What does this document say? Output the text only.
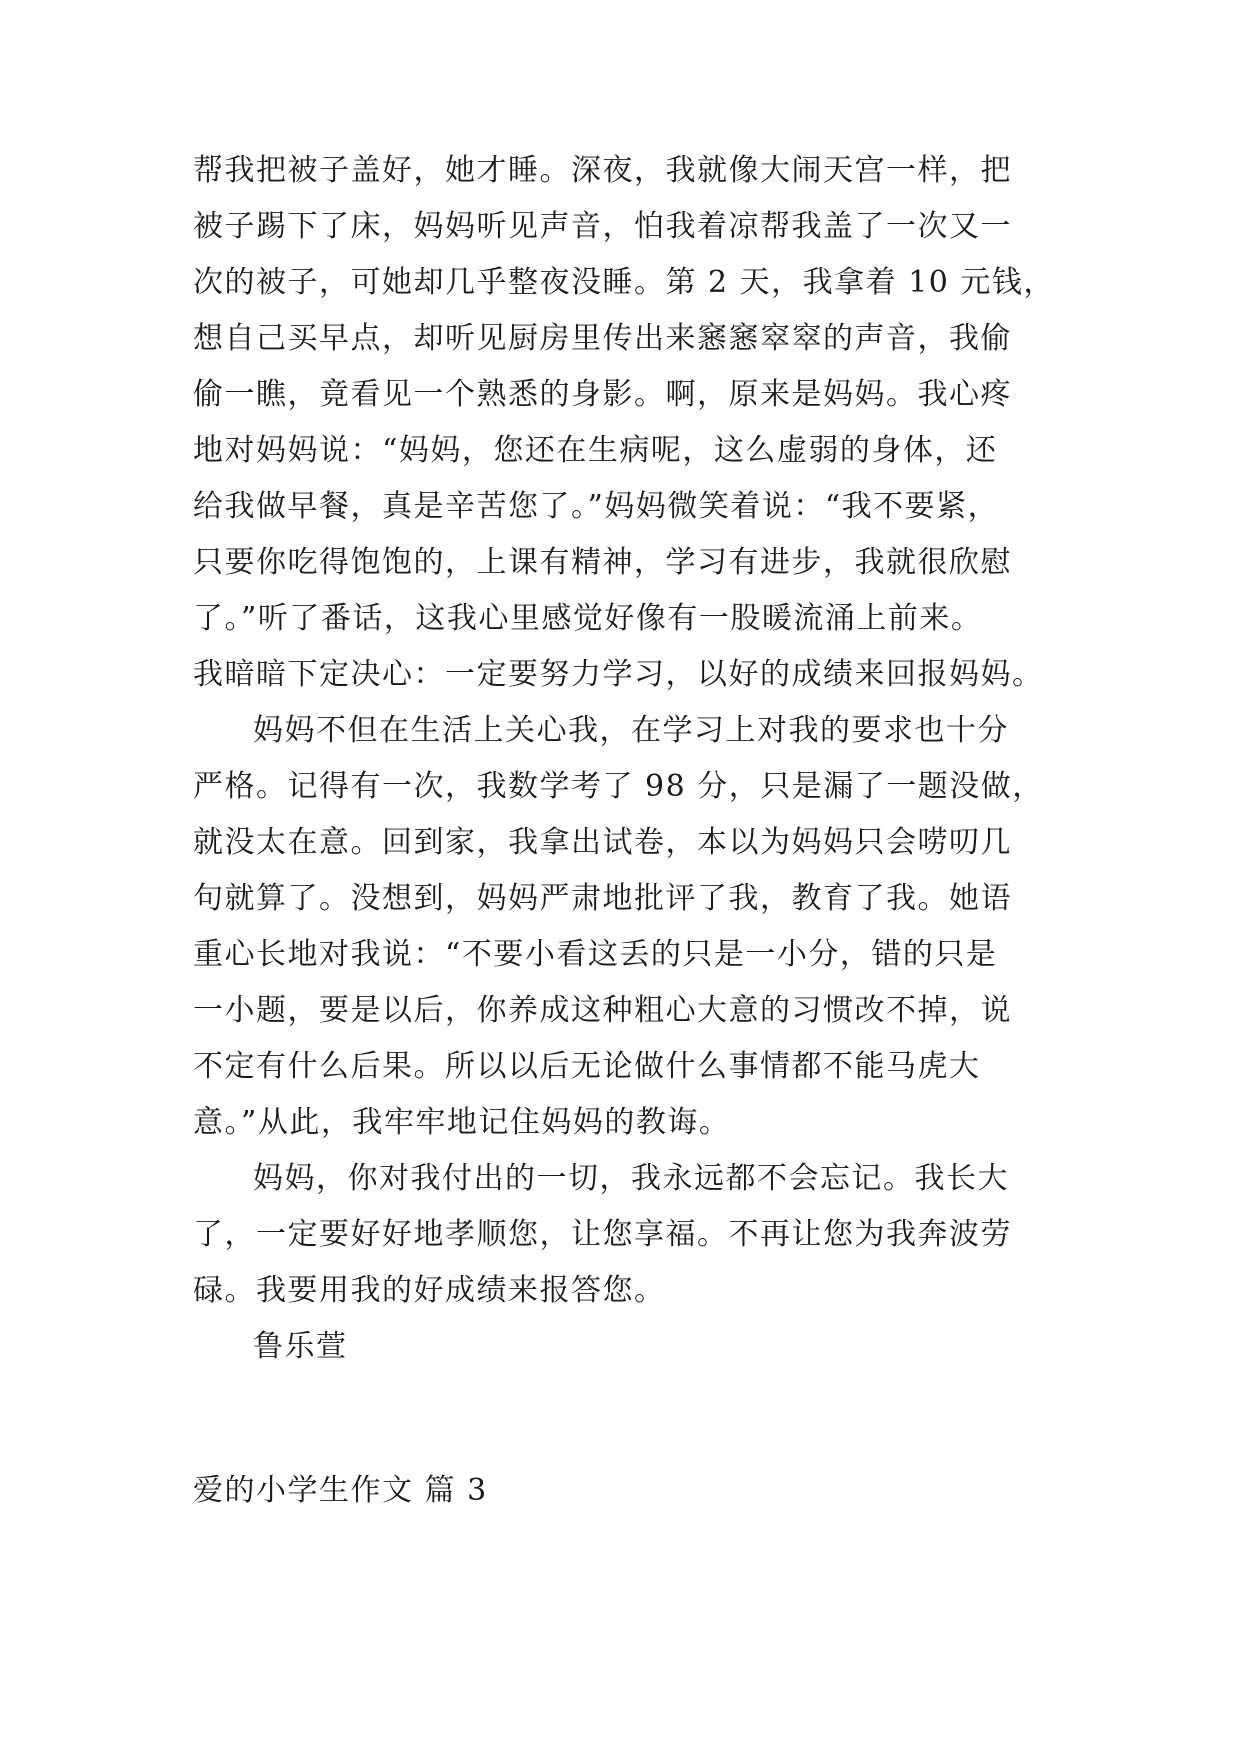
帮我把被子盖好，她才睡。深夜，我就像大闹天宫一样，把
被子踢下了床，妈妈听见声音，怕我着凉帮我盖了一次又一
次的被子，可她却几乎整夜没睡。第 2 天，我拿着 10 元钱，
想自己买早点，却听见厨房里传出来窸窸窣窣的声音，我偷
偷一瞧，竟看见一个熟悉的身影。啊，原来是妈妈。我心疼
地对妈妈说：“妈妈，您还在生病呢，这么虚弱的身体，还
给我做早餐，真是辛苦您了。”妈妈微笑着说：“我不要紧，
只要你吃得饱饱的，上课有精神，学习有进步，我就很欣慰
了。”听了番话，这我心里感觉好像有一股暖流涌上前来。
我暗暗下定决心：一定要努力学习，以好的成绩来回报妈妈。
妈妈不但在生活上关心我，在学习上对我的要求也十分
严格。记得有一次，我数学考了 98 分，只是漏了一题没做，
就没太在意。回到家，我拿出试卷，本以为妈妈只会唠叨几
句就算了。没想到，妈妈严肃地批评了我，教育了我。她语
重心长地对我说：“不要小看这丢的只是一小分，错的只是
一小题，要是以后，你养成这种粗心大意的习惯改不掉，说
不定有什么后果。所以以后无论做什么事情都不能马虎大
意。”从此，我牢牢地记住妈妈的教诲。
妈妈，你对我付出的一切，我永远都不会忘记。我长大
了，一定要好好地孝顺您，让您享福。不再让您为我奔波劳
碌。我要用我的好成绩来报答您。
鲁乐萱
爱的小学生作文 篇 3
